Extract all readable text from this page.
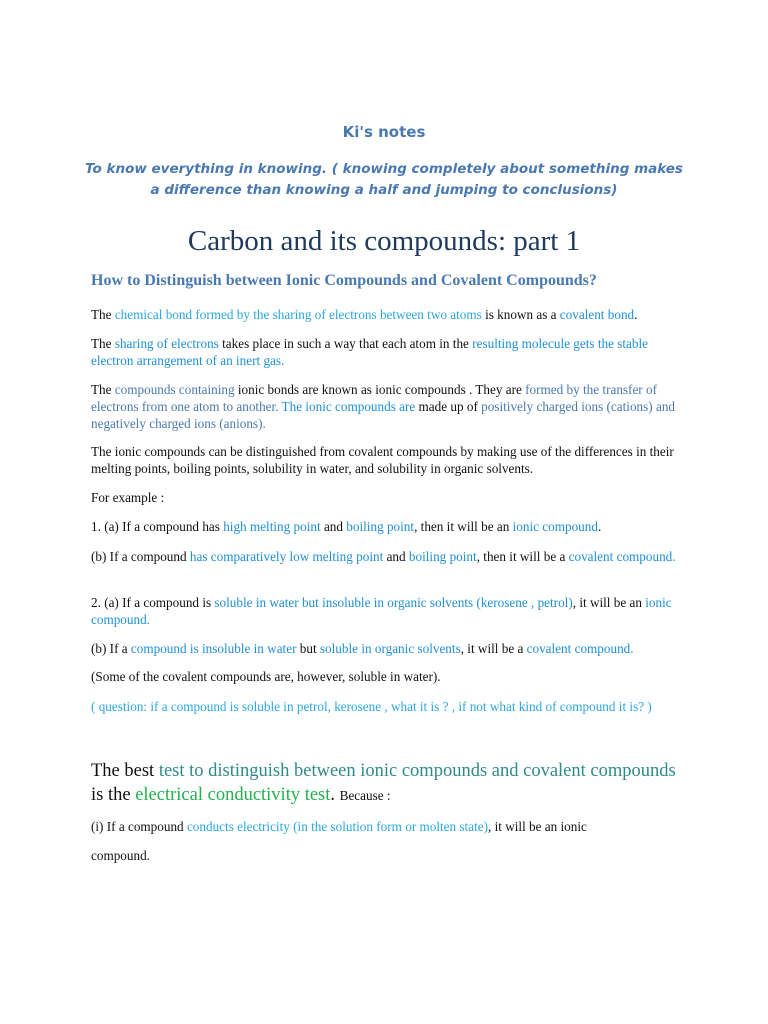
Ki's notes

To know everything in knowing. ( knowing completely about something makes a difference than knowing a half and jumping to conclusions)

Carbon and its compounds: part 1
How to Distinguish between Ionic Compounds and Covalent Compounds?

The chemical bond formed by the sharing of electrons between two atoms is known as a covalent bond.

The sharing of electrons takes place in such a way that each atom in the resulting molecule gets the stable electron arrangement of an inert gas.

The compounds containing ionic bonds are known as ionic compounds . They are formed by the transfer of electrons from one atom to another. The ionic compounds are made up of positively charged ions (cations) and negatively charged ions (anions).

The ionic compounds can be distinguished from covalent compounds by making use of the differences in their melting points, boiling points, solubility in water, and solubility in organic solvents.

For example :

1. (a) If a compound has high melting point and boiling point, then it will be an ionic compound.

(b) If a compound has comparatively low melting point and boiling point, then it will be a covalent compound.

2. (a) If a compound is soluble in water but insoluble in organic solvents (kerosene , petrol), it will be an ionic compound.

(b) If a compound is insoluble in water but soluble in organic solvents, it will be a covalent compound.

(Some of the covalent compounds are, however, soluble in water).

( question: if a compound is soluble in petrol, kerosene , what it is ? , if not what kind of compound it is? )

The best test to distinguish between ionic compounds and covalent compounds is the electrical conductivity test. Because :

(i) If a compound conducts electricity (in the solution form or molten state), it will be an ionic

compound.
